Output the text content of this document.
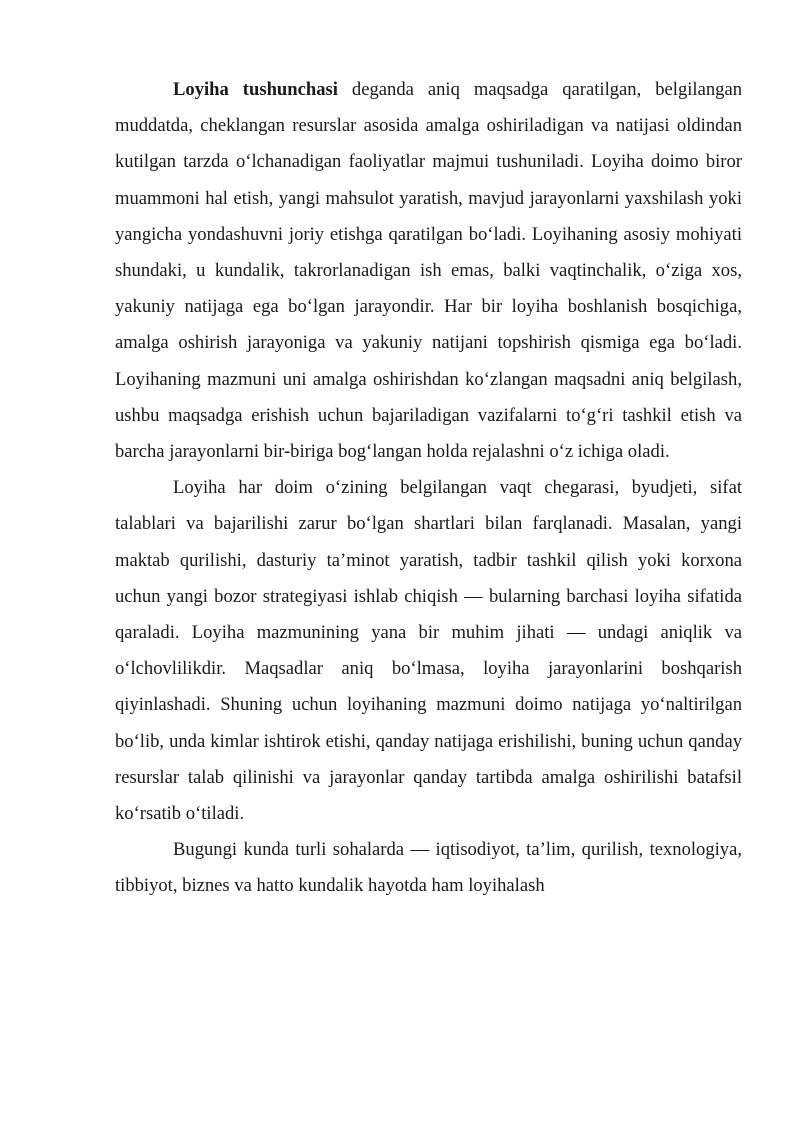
Loyiha tushunchasi deganda aniq maqsadga qaratilgan, belgilangan muddatda, cheklangan resurslar asosida amalga oshiriladigan va natijasi oldindan kutilgan tarzda o‘lchanadigan faoliyatlar majmui tushuniladi. Loyiha doimo biror muammoni hal etish, yangi mahsulot yaratish, mavjud jarayonlarni yaxshilash yoki yangicha yondashuvni joriy etishga qaratilgan bo‘ladi. Loyihaning asosiy mohiyati shundaki, u kundalik, takrorlanadigan ish emas, balki vaqtinchalik, o‘ziga xos, yakuniy natijaga ega bo‘lgan jarayondir. Har bir loyiha boshlanish bosqichiga, amalga oshirish jarayoniga va yakuniy natijani topshirish qismiga ega bo‘ladi. Loyihaning mazmuni uni amalga oshirishdan ko‘zlangan maqsadni aniq belgilash, ushbu maqsadga erishish uchun bajariladigan vazifalarni to‘g‘ri tashkil etish va barcha jarayonlarni bir-biriga bog‘langan holda rejalashni o‘z ichiga oladi.

Loyiha har doim o‘zining belgilangan vaqt chegarasi, byudjeti, sifat talablari va bajarilishi zarur bo‘lgan shartlari bilan farqlanadi. Masalan, yangi maktab qurilishi, dasturiy ta’minot yaratish, tadbir tashkil qilish yoki korxona uchun yangi bozor strategiyasi ishlab chiqish — bularning barchasi loyiha sifatida qaraladi. Loyiha mazmunining yana bir muhim jihati — undagi aniqlik va o‘lchovlilikdir. Maqsadlar aniq bo‘lmasa, loyiha jarayonlarini boshqarish qiyinlashadi. Shuning uchun loyihaning mazmuni doimo natijaga yo‘naltirilgan bo‘lib, unda kimlar ishtirok etishi, qanday natijaga erishilishi, buning uchun qanday resurslar talab qilinishi va jarayonlar qanday tartibda amalga oshirilishi batafsil ko‘rsatib o‘tiladi.

Bugungi kunda turli sohalarda — iqtisodiyot, ta’lim, qurilish, texnologiya, tibbiyot, biznes va hatto kundalik hayotda ham loyihalash
